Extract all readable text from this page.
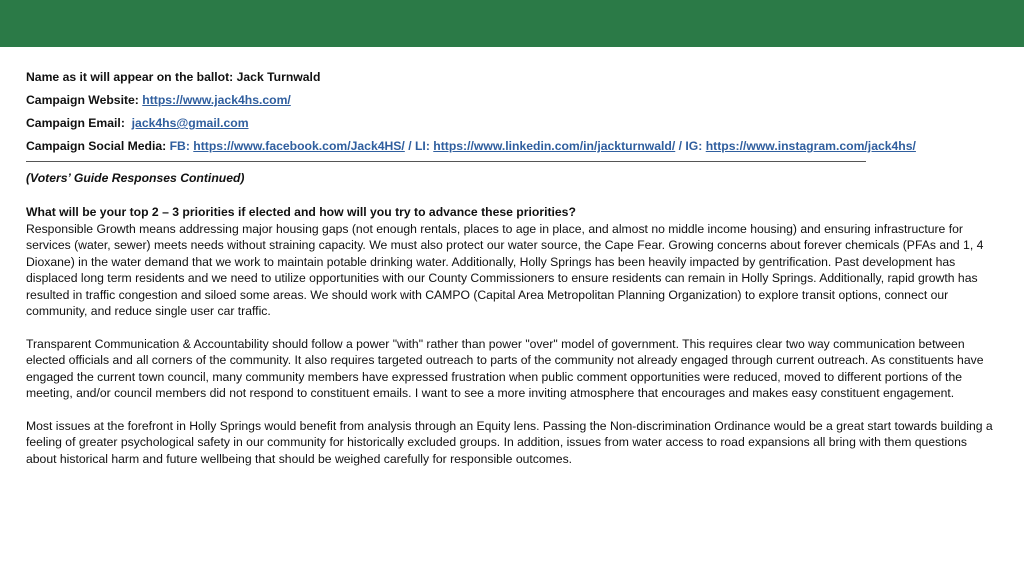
Name as it will appear on the ballot: Jack Turnwald
Campaign Website: https://www.jack4hs.com/
Campaign Email:  jack4hs@gmail.com
Campaign Social Media: FB: https://www.facebook.com/Jack4HS/ / LI: https://www.linkedin.com/in/jackturnwald/ / IG: https://www.instagram.com/jack4hs/
(Voters’ Guide Responses Continued)
What will be your top 2 – 3 priorities if elected and how will you try to advance these priorities?

Responsible Growth means addressing major housing gaps (not enough rentals, places to age in place, and almost no middle income housing) and ensuring infrastructure for services (water, sewer) meets needs without straining capacity. We must also protect our water source, the Cape Fear. Growing concerns about forever chemicals (PFAs and 1, 4 Dioxane) in the water demand that we work to maintain potable drinking water. Additionally, Holly Springs has been heavily impacted by gentrification. Past development has displaced long term residents and we need to utilize opportunities with our County Commissioners to ensure residents can remain in Holly Springs. Additionally, rapid growth has resulted in traffic congestion and siloed some areas. We should work with CAMPO (Capital Area Metropolitan Planning Organization) to explore transit options, connect our community, and reduce single user car traffic.

Transparent Communication & Accountability should follow a power "with" rather than power "over" model of government. This requires clear two way communication between elected officials and all corners of the community. It also requires targeted outreach to parts of the community not already engaged through current outreach. As constituents have engaged the current town council, many community members have expressed frustration when public comment opportunities were reduced, moved to different portions of the meeting, and/or council members did not respond to constituent emails. I want to see a more inviting atmosphere that encourages and makes easy constituent engagement.

Most issues at the forefront in Holly Springs would benefit from analysis through an Equity lens. Passing the Non-discrimination Ordinance would be a great start towards building a feeling of greater psychological safety in our community for historically excluded groups. In addition, issues from water access to road expansions all bring with them questions about historical harm and future wellbeing that should be weighed carefully for responsible outcomes.
